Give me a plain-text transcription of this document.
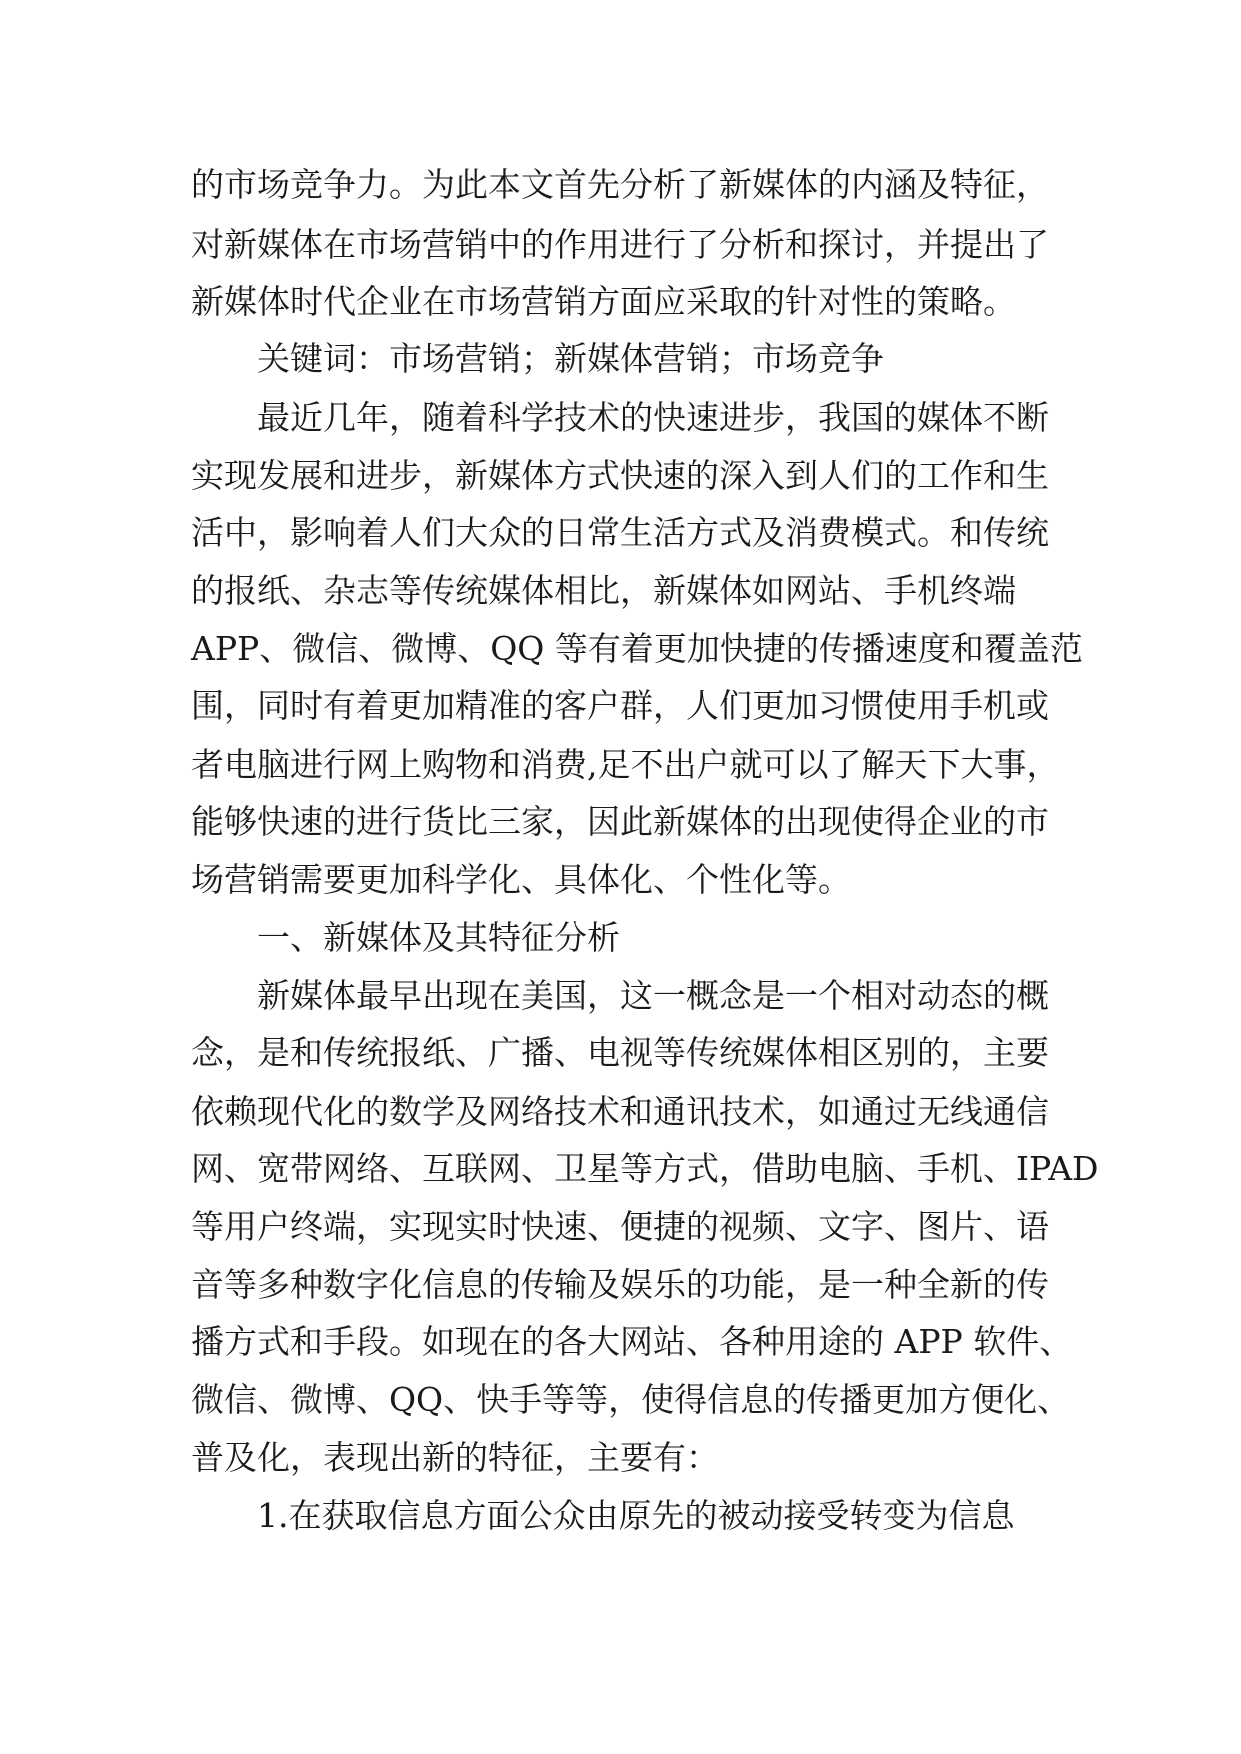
的市场竞争力。为此本文首先分析了新媒体的内涵及特征，
对新媒体在市场营销中的作用进行了分析和探讨，并提出了
新媒体时代企业在市场营销方面应采取的针对性的策略。
关键词：市场营销；新媒体营销；市场竞争
最近几年，随着科学技术的快速进步，我国的媒体不断
实现发展和进步，新媒体方式快速的深入到人们的工作和生
活中，影响着人们大众的日常生活方式及消费模式。和传统
的报纸、杂志等传统媒体相比，新媒体如网站、手机终端
APP、微信、微博、QQ 等有着更加快捷的传播速度和覆盖范
围，同时有着更加精准的客户群，人们更加习惯使用手机或
者电脑进行网上购物和消费,足不出户就可以了解天下大事，
能够快速的进行货比三家，因此新媒体的出现使得企业的市
场营销需要更加科学化、具体化、个性化等。
一、新媒体及其特征分析
新媒体最早出现在美国，这一概念是一个相对动态的概
念，是和传统报纸、广播、电视等传统媒体相区别的，主要
依赖现代化的数学及网络技术和通讯技术，如通过无线通信
网、宽带网络、互联网、卫星等方式，借助电脑、手机、IPAD
等用户终端，实现实时快速、便捷的视频、文字、图片、语
音等多种数字化信息的传输及娱乐的功能，是一种全新的传
播方式和手段。如现在的各大网站、各种用途的 APP 软件、
微信、微博、QQ、快手等等，使得信息的传播更加方便化、
普及化，表现出新的特征，主要有：
1.在获取信息方面公众由原先的被动接受转变为信息
